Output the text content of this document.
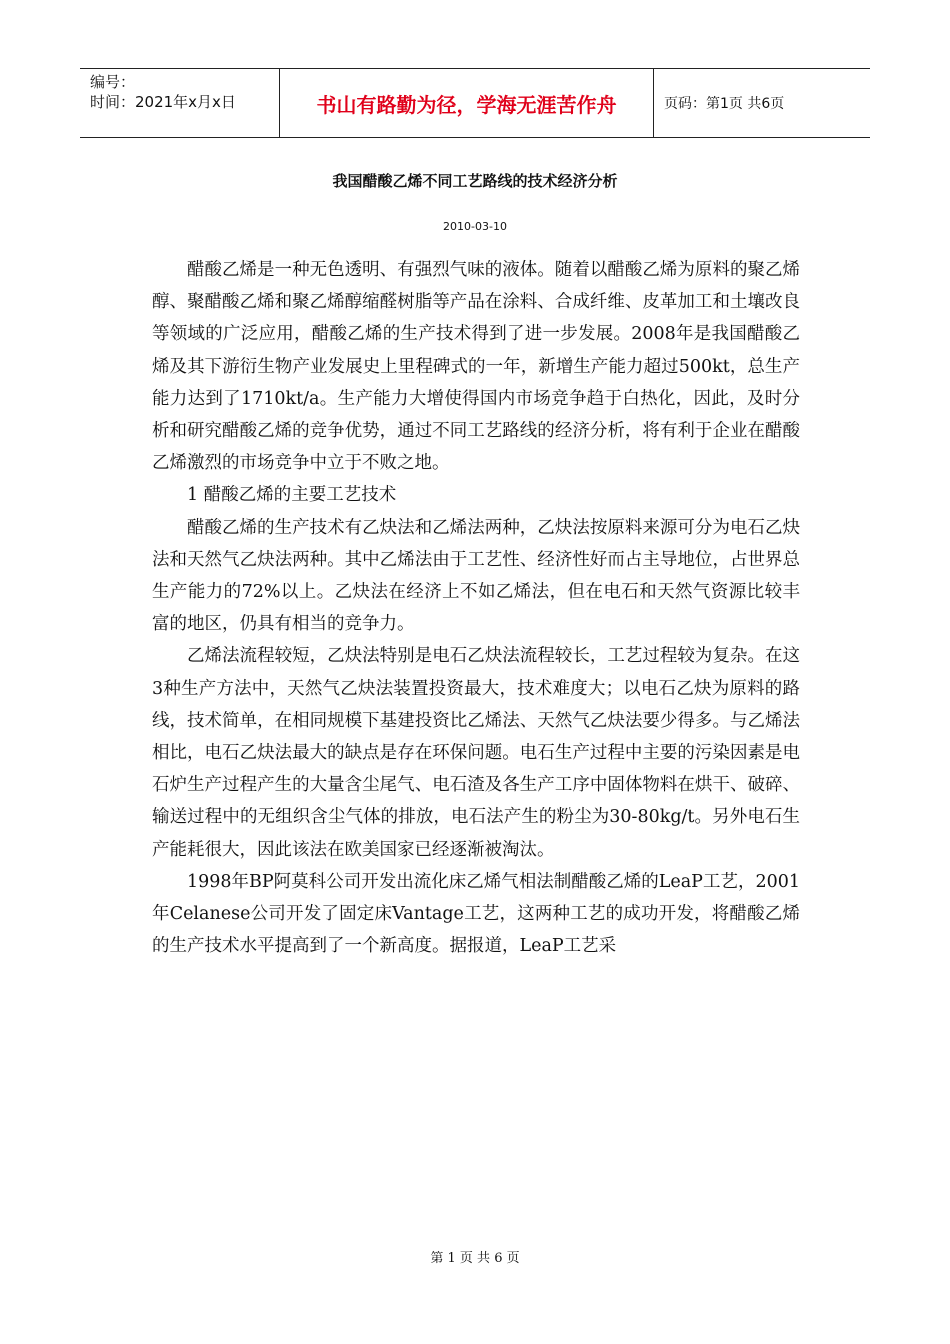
编号：
时间：2021年x月x日	书山有路勤为径，学海无涯苦作舟	页码：第1页 共6页
我国醋酸乙烯不同工艺路线的技术经济分析
2010-03-10

醋酸乙烯是一种无色透明、有强烈气味的液体。随着以醋酸乙烯为原料的聚乙烯醇、聚醋酸乙烯和聚乙烯醇缩醛树脂等产品在涂料、合成纤维、皮革加工和土壤改良等领域的广泛应用，醋酸乙烯的生产技术得到了进一步发展。2008年是我国醋酸乙烯及其下游衍生物产业发展史上里程碑式的一年，新增生产能力超过500kt，总生产能力达到了1710kt/a。生产能力大增使得国内市场竞争趋于白热化，因此，及时分析和研究醋酸乙烯的竞争优势，通过不同工艺路线的经济分析，将有利于企业在醋酸乙烯激烈的市场竞争中立于不败之地。

1 醋酸乙烯的主要工艺技术

醋酸乙烯的生产技术有乙炔法和乙烯法两种，乙炔法按原料来源可分为电石乙炔法和天然气乙炔法两种。其中乙烯法由于工艺性、经济性好而占主导地位，占世界总生产能力的72%以上。乙炔法在经济上不如乙烯法，但在电石和天然气资源比较丰富的地区，仍具有相当的竞争力。

乙烯法流程较短，乙炔法特别是电石乙炔法流程较长，工艺过程较为复杂。在这3种生产方法中，天然气乙炔法装置投资最大，技术难度大；以电石乙炔为原料的路线，技术简单，在相同规模下基建投资比乙烯法、天然气乙炔法要少得多。与乙烯法相比，电石乙炔法最大的缺点是存在环保问题。电石生产过程中主要的污染因素是电石炉生产过程产生的大量含尘尾气、电石渣及各生产工序中固体物料在烘干、破碎、输送过程中的无组织含尘气体的排放，电石法产生的粉尘为30-80kg/t。另外电石生产能耗很大，因此该法在欧美国家已经逐渐被淘汰。

1998年BP阿莫科公司开发出流化床乙烯气相法制醋酸乙烯的LeaP工艺，2001年Celanese公司开发了固定床Vantage工艺，这两种工艺的成功开发，将醋酸乙烯的生产技术水平提高到了一个新高度。据报道，LeaP工艺采

第 1 页 共 6 页
